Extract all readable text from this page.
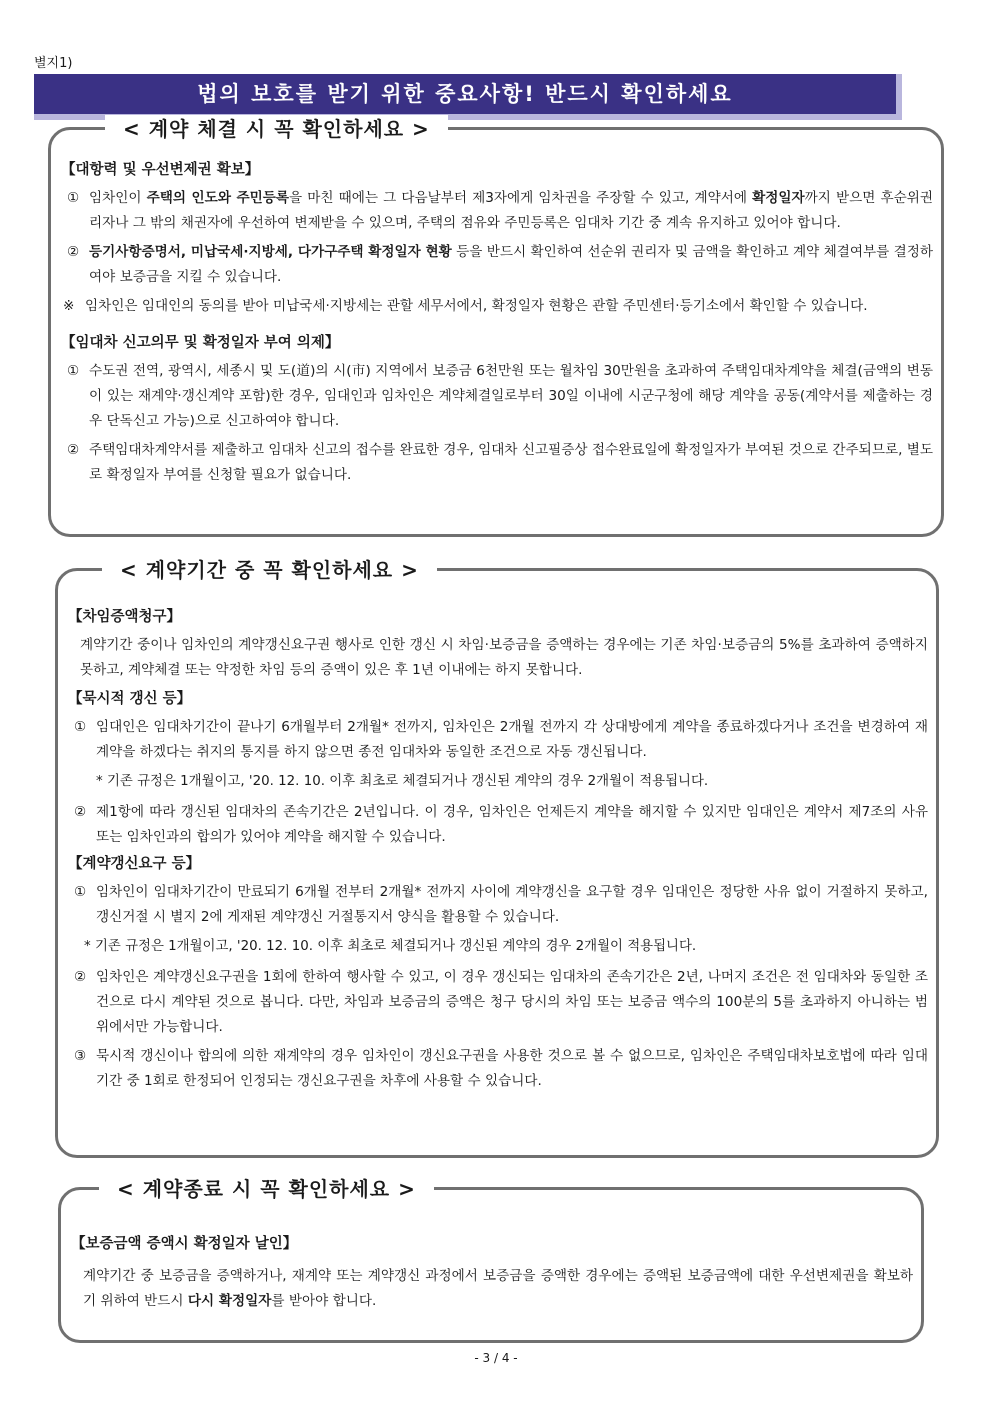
별지1)
법의 보호를 받기 위한 중요사항! 반드시 확인하세요
< 계약 체결 시 꼭 확인하세요 >
【대항력 및 우선변제권 확보】
① 임차인이 주택의 인도와 주민등록을 마친 때에는 그 다음날부터 제3자에게 임차권을 주장할 수 있고, 계약서에 확정일자까지 받으면 후순위권리자나 그 밖의 채권자에 우선하여 변제받을 수 있으며, 주택의 점유와 주민등록은 임대차 기간 중 계속 유지하고 있어야 합니다.
② 등기사항증명서, 미납국세·지방세, 다가구주택 확정일자 현황 등을 반드시 확인하여 선순위 권리자 및 금액을 확인하고 계약 체결여부를 결정하여야 보증금을 지킬 수 있습니다.
※ 임차인은 임대인의 동의를 받아 미납국세·지방세는 관할 세무서에서, 확정일자 현황은 관할 주민센터·등기소에서 확인할 수 있습니다.
【임대차 신고의무 및 확정일자 부여 의제】
① 수도권 전역, 광역시, 세종시 및 도(道)의 시(市) 지역에서 보증금 6천만원 또는 월차임 30만원을 초과하여 주택임대차계약을 체결(금액의 변동이 있는 재계약·갱신계약 포함)한 경우, 임대인과 임차인은 계약체결일로부터 30일 이내에 시군구청에 해당 계약을 공동(계약서를 제출하는 경우 단독신고 가능)으로 신고하여야 합니다.
② 주택임대차계약서를 제출하고 임대차 신고의 접수를 완료한 경우, 임대차 신고필증상 접수완료일에 확정일자가 부여된 것으로 간주되므로, 별도로 확정일자 부여를 신청할 필요가 없습니다.
< 계약기간 중 꼭 확인하세요 >
【차임증액청구】
계약기간 중이나 임차인의 계약갱신요구권 행사로 인한 갱신 시 차임·보증금을 증액하는 경우에는 기존 차임·보증금의 5%를 초과하여 증액하지 못하고, 계약체결 또는 약정한 차임 등의 증액이 있은 후 1년 이내에는 하지 못합니다.
【묵시적 갱신 등】
① 임대인은 임대차기간이 끝나기 6개월부터 2개월* 전까지, 임차인은 2개월 전까지 각 상대방에게 계약을 종료하겠다거나 조건을 변경하여 재계약을 하겠다는 취지의 통지를 하지 않으면 종전 임대차와 동일한 조건으로 자동 갱신됩니다.
* 기존 규정은 1개월이고, '20. 12. 10. 이후 최초로 체결되거나 갱신된 계약의 경우 2개월이 적용됩니다.
② 제1항에 따라 갱신된 임대차의 존속기간은 2년입니다. 이 경우, 임차인은 언제든지 계약을 해지할 수 있지만 임대인은 계약서 제7조의 사유 또는 임차인과의 합의가 있어야 계약을 해지할 수 있습니다.
【계약갱신요구 등】
① 임차인이 임대차기간이 만료되기 6개월 전부터 2개월* 전까지 사이에 계약갱신을 요구할 경우 임대인은 정당한 사유 없이 거절하지 못하고, 갱신거절 시 별지 2에 게재된 계약갱신 거절통지서 양식을 활용할 수 있습니다.
* 기존 규정은 1개월이고, '20. 12. 10. 이후 최초로 체결되거나 갱신된 계약의 경우 2개월이 적용됩니다.
② 임차인은 계약갱신요구권을 1회에 한하여 행사할 수 있고, 이 경우 갱신되는 임대차의 존속기간은 2년, 나머지 조건은 전 임대차와 동일한 조건으로 다시 계약된 것으로 봅니다. 다만, 차임과 보증금의 증액은 청구 당시의 차임 또는 보증금 액수의 100분의 5를 초과하지 아니하는 범위에서만 가능합니다.
③ 묵시적 갱신이나 합의에 의한 재계약의 경우 임차인이 갱신요구권을 사용한 것으로 볼 수 없으므로, 임차인은 주택임대차보호법에 따라 임대기간 중 1회로 한정되어 인정되는 갱신요구권을 차후에 사용할 수 있습니다.
< 계약종료 시 꼭 확인하세요 >
【보증금액 증액시 확정일자 날인】
계약기간 중 보증금을 증액하거나, 재계약 또는 계약갱신 과정에서 보증금을 증액한 경우에는 증액된 보증금액에 대한 우선변제권을 확보하기 위하여 반드시 다시 확정일자를 받아야 합니다.
- 3 / 4 -
